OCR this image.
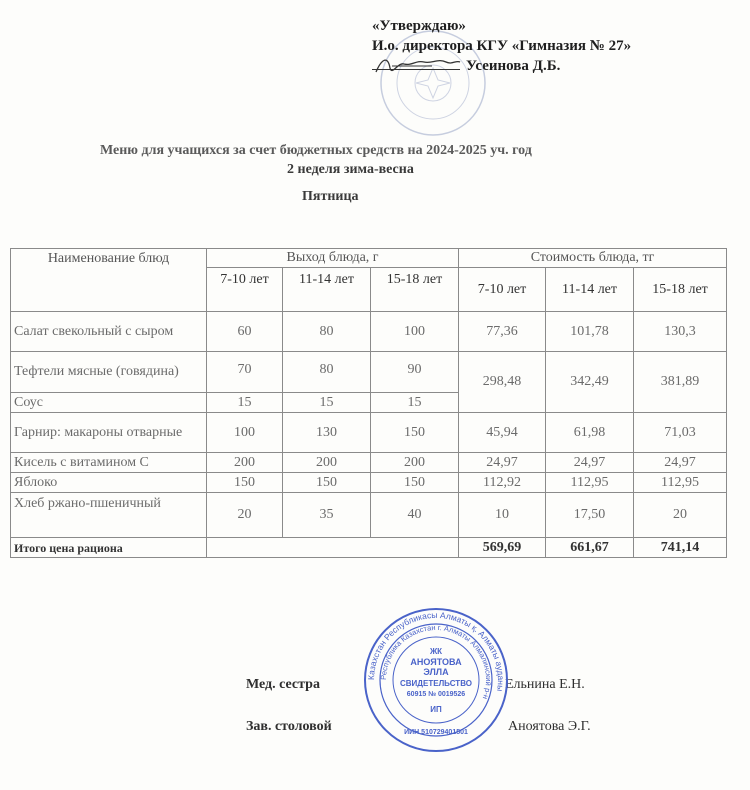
«Утверждаю»
И.о. директора КГУ «Гимназия № 27»
Усеинова Д.Б.
Меню для учащихся за счет бюджетных средств на 2024-2025 уч. год
2 неделя зима-весна
Пятница
Наименование блюд	Выход блюда, г			Стоимость блюда, тг		
	7-10 лет	11-14 лет	15-18 лет	7-10 лет	11-14 лет	15-18 лет
Салат свекольный с сыром	60	80	100	77,36	101,78	130,3
Тефтели мясные (говядина)	70	80	90	298,48	342,49	381,89
Соус	15	15	15			
Гарнир: макароны отварные	100	130	150	45,94	61,98	71,03
Кисель с витамином С	200	200	200	24,97	24,97	24,97
Яблоко	150	150	150	112,92	112,95	112,95
Хлеб ржано-пшеничный	20	35	40	10	17,50	20
Итого цена рациона				569,69	661,67	741,14
Мед. сестра	Ельнина Е.Н.
Зав. столовой	Аноятова Э.Г.
Казахстан Республикасы Алматы қ. Алматы ауданы
Республика Казахстан г. Алматы Алмалинский р-н
ЖК
АНОЯТОВА
ЭЛЛА
СВИДЕТЕЛЬСТВО
60915 № 0019526
ИП
ИИН 510729401501
